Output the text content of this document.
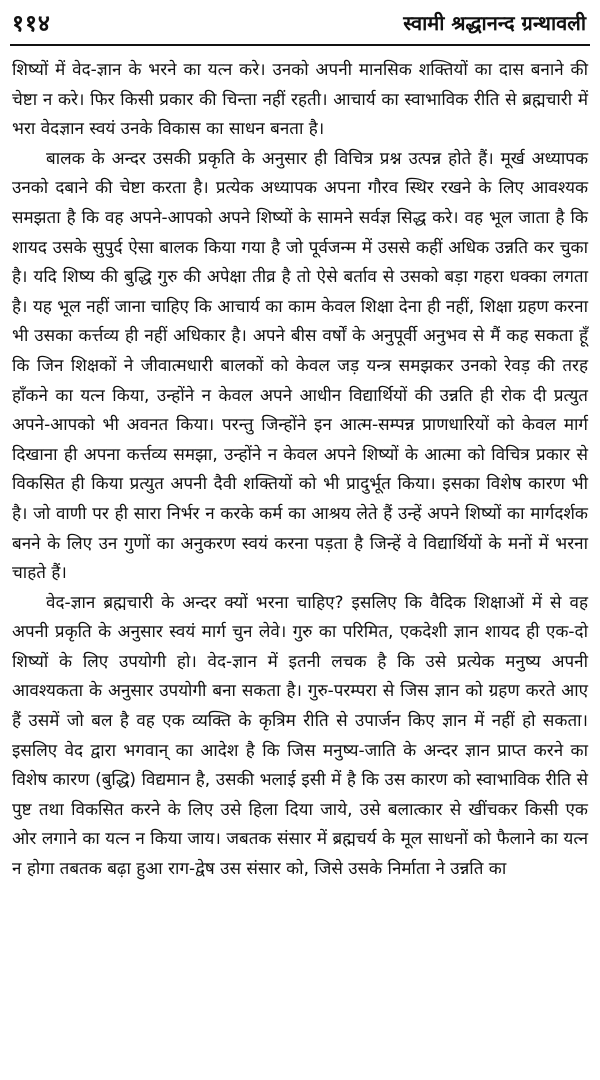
११४	स्वामी श्रद्धानन्द ग्रन्थावली

शिष्यों में वेद-ज्ञान के भरने का यत्न करे। उनको अपनी मानसिक शक्तियों का दास बनाने की चेष्टा न करे। फिर किसी प्रकार की चिन्ता नहीं रहती। आचार्य का स्वाभाविक रीति से ब्रह्मचारी में भरा वेदज्ञान स्वयं उनके विकास का साधन बनता है।

बालक के अन्दर उसकी प्रकृति के अनुसार ही विचित्र प्रश्न उत्पन्न होते हैं। मूर्ख अध्यापक उनको दबाने की चेष्टा करता है। प्रत्येक अध्यापक अपना गौरव स्थिर रखने के लिए आवश्यक समझता है कि वह अपने-आपको अपने शिष्यों के सामने सर्वज्ञ सिद्ध करे। वह भूल जाता है कि शायद उसके सुपुर्द ऐसा बालक किया गया है जो पूर्वजन्म में उससे कहीं अधिक उन्नति कर चुका है। यदि शिष्य की बुद्धि गुरु की अपेक्षा तीव्र है तो ऐसे बर्ताव से उसको बड़ा गहरा धक्का लगता है। यह भूल नहीं जाना चाहिए कि आचार्य का काम केवल शिक्षा देना ही नहीं, शिक्षा ग्रहण करना भी उसका कर्त्तव्य ही नहीं अधिकार है। अपने बीस वर्षों के अनुपूर्वी अनुभव से मैं कह सकता हूँ कि जिन शिक्षकों ने जीवात्मधारी बालकों को केवल जड़ यन्त्र समझकर उनको रेवड़ की तरह हाँकने का यत्न किया, उन्होंने न केवल अपने आधीन विद्यार्थियों की उन्नति ही रोक दी प्रत्युत अपने-आपको भी अवनत किया। परन्तु जिन्होंने इन आत्म-सम्पन्न प्राणधारियों को केवल मार्ग दिखाना ही अपना कर्त्तव्य समझा, उन्होंने न केवल अपने शिष्यों के आत्मा को विचित्र प्रकार से विकसित ही किया प्रत्युत अपनी दैवी शक्तियों को भी प्रादुर्भूत किया। इसका विशेष कारण भी है। जो वाणी पर ही सारा निर्भर न करके कर्म का आश्रय लेते हैं उन्हें अपने शिष्यों का मार्गदर्शक बनने के लिए उन गुणों का अनुकरण स्वयं करना पड़ता है जिन्हें वे विद्यार्थियों के मनों में भरना चाहते हैं।

वेद-ज्ञान ब्रह्मचारी के अन्दर क्यों भरना चाहिए? इसलिए कि वैदिक शिक्षाओं में से वह अपनी प्रकृति के अनुसार स्वयं मार्ग चुन लेवे। गुरु का परिमित, एकदेशी ज्ञान शायद ही एक-दो शिष्यों के लिए उपयोगी हो। वेद-ज्ञान में इतनी लचक है कि उसे प्रत्येक मनुष्य अपनी आवश्यकता के अनुसार उपयोगी बना सकता है। गुरु-परम्परा से जिस ज्ञान को ग्रहण करते आए हैं उसमें जो बल है वह एक व्यक्ति के कृत्रिम रीति से उपार्जन किए ज्ञान में नहीं हो सकता। इसलिए वेद द्वारा भगवान् का आदेश है कि जिस मनुष्य-जाति के अन्दर ज्ञान प्राप्त करने का विशेष कारण (बुद्धि) विद्यमान है, उसकी भलाई इसी में है कि उस कारण को स्वाभाविक रीति से पुष्ट तथा विकसित करने के लिए उसे हिला दिया जाये, उसे बलात्कार से खींचकर किसी एक ओर लगाने का यत्न न किया जाय। जबतक संसार में ब्रह्मचर्य के मूल साधनों को फैलाने का यत्न न होगा तबतक बढ़ा हुआ राग-द्वेष उस संसार को, जिसे उसके निर्माता ने उन्नति का
